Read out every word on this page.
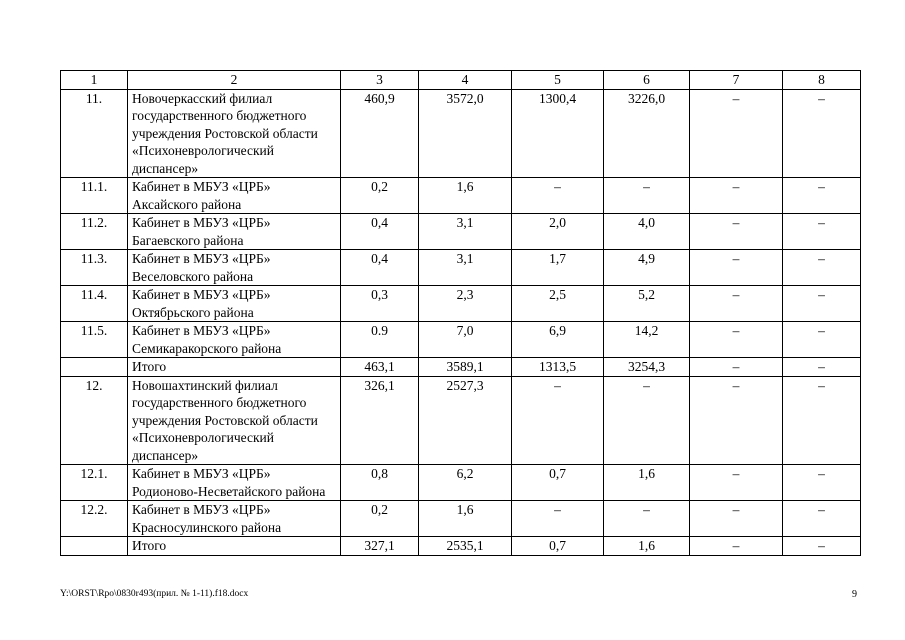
1	2	3	4	5	6	7	8
11.	Новочеркасский филиал государственного бюджетного учреждения Ростовской области «Психоневрологический диспансер»	460,9	3572,0	1300,4	3226,0	–	–
11.1.	Кабинет в МБУЗ «ЦРБ» Аксайского района	0,2	1,6	–	–	–	–
11.2.	Кабинет в МБУЗ «ЦРБ» Багаевского района	0,4	3,1	2,0	4,0	–	–
11.3.	Кабинет в МБУЗ «ЦРБ» Веселовского района	0,4	3,1	1,7	4,9	–	–
11.4.	Кабинет в МБУЗ «ЦРБ» Октябрьского района	0,3	2,3	2,5	5,2	–	–
11.5.	Кабинет в МБУЗ «ЦРБ» Семикаракорского района	0.9	7,0	6,9	14,2	–	–
	Итого	463,1	3589,1	1313,5	3254,3	–	–
12.	Новошахтинский филиал государственного бюджетного учреждения Ростовской области «Психоневрологический диспансер»	326,1	2527,3	–	–	–	–
12.1.	Кабинет в МБУЗ «ЦРБ» Родионово-Несветайского района	0,8	6,2	0,7	1,6	–	–
12.2.	Кабинет в МБУЗ «ЦРБ» Красносулинского района	0,2	1,6	–	–	–	–
	Итого	327,1	2535,1	0,7	1,6	–	–
Y:\ORST\Rpo\0830r493(прил. № 1-11).f18.docx	9
